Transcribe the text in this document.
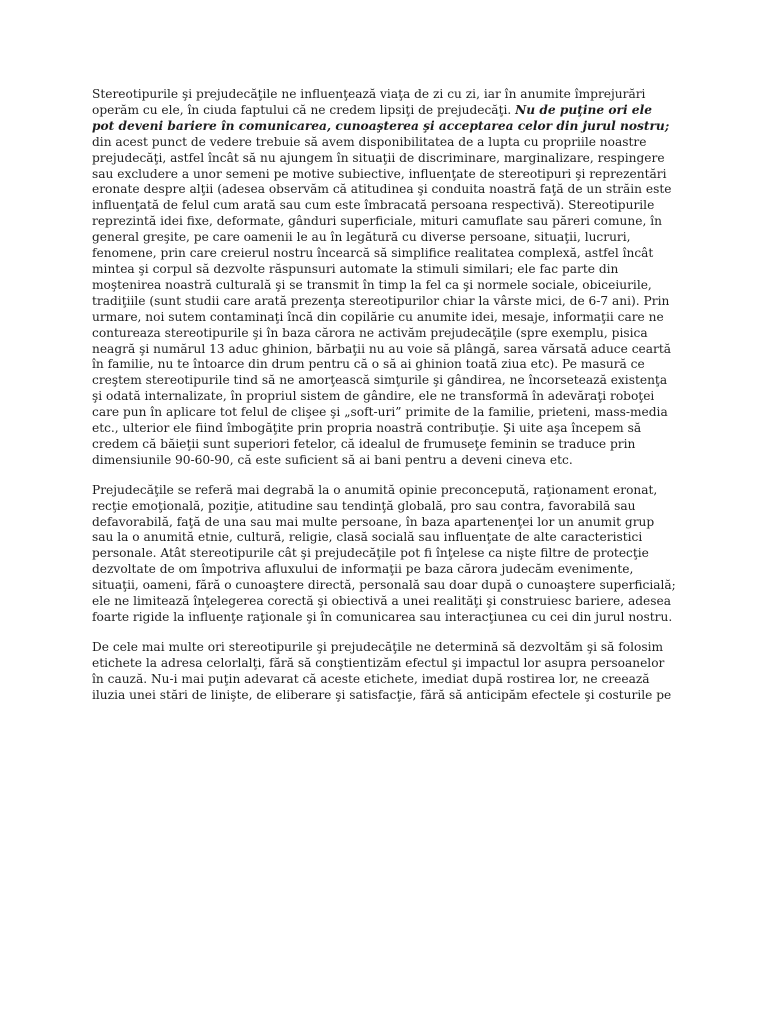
Stereotipurile şi prejudecăţile ne influenţează viaţa de zi cu zi, iar în anumite împrejurări operăm cu ele, în ciuda faptului că ne credem lipsiţi de prejudecăţi. Nu de puţine ori ele pot deveni bariere în comunicarea, cunoaşterea şi acceptarea celor din jurul nostru; din acest punct de vedere trebuie să avem disponibilitatea de a lupta cu propriile noastre prejudecăţi, astfel încât să nu ajungem în situaţii de discriminare, marginalizare, respingere sau excludere a unor semeni pe motive subiective, influenţate de stereotipuri şi reprezentări eronate despre alţii (adesea observăm că atitudinea şi conduita noastră faţă de un străin este influenţată de felul cum arată sau cum este îmbracată persoana respectivă). Stereotipurile reprezintă idei fixe, deformate, gânduri superficiale, mituri camuflate sau păreri comune, în general greşite, pe care oamenii le au în legătură cu diverse persoane, situaţii, lucruri, fenomene, prin care creierul nostru încearcă să simplifice realitatea complexă, astfel încât mintea şi corpul să dezvolte răspunsuri automate la stimuli similari; ele fac parte din moştenirea noastră culturală şi se transmit în timp la fel ca şi normele sociale, obiceiurile, tradiţiile (sunt studii care arată prezenţa stereotipurilor chiar la vârste mici, de 6-7 ani). Prin urmare, noi sutem contaminaţi încă din copilărie cu anumite idei, mesaje, informaţii care ne contureaza stereotipurile şi în baza cărora ne activăm prejudecăţile (spre exemplu, pisica neagră şi numărul 13 aduc ghinion, bărbaţii nu au voie să plângă, sarea vărsată aduce ceartă în familie, nu te întoarce din drum pentru că o să ai ghinion toată ziua etc). Pe masură ce creştem stereotipurile tind să ne amorţească simţurile şi gândirea, ne încorsetează existenţa şi odată internalizate, în propriul sistem de gândire, ele ne transformă în adevăraţi roboţei care pun în aplicare tot felul de clişee şi „soft-uri” primite de la familie, prieteni, mass-media etc., ulterior ele fiind îmbogăţite prin propria noastră contribuţie. Şi uite aşa începem să credem că băieţii sunt superiori fetelor, că idealul de frumuseţe feminin se traduce prin dimensiunile 90-60-90, că este suficient să ai bani pentru a deveni cineva etc.

Prejudecăţile se referă mai degrabă la o anumită opinie preconcepută, raţionament eronat, recţie emoţională, poziţie, atitudine sau tendinţă globală, pro sau contra, favorabilă sau defavorabilă, faţă de una sau mai multe persoane, în baza apartenenţei lor un anumit grup sau la o anumită etnie, cultură, religie, clasă socială sau influenţate de alte caracteristici personale. Atât stereotipurile cât şi prejudecăţile pot fi înţelese ca nişte filtre de protecţie dezvoltate de om împotriva afluxului de informaţii pe baza cărora judecăm evenimente, situaţii, oameni, fără o cunoaştere directă, personală sau doar după o cunoaştere superficială; ele ne limitează înţelegerea corectă şi obiectivă a unei realităţi şi construiesc bariere, adesea foarte rigide la influenţe raţionale şi în comunicarea sau interacţiunea cu cei din jurul nostru.

De cele mai multe ori stereotipurile şi prejudecăţile ne determină să dezvoltăm şi să folosim etichete la adresa celorlalţi, fără să conştientizăm efectul şi impactul lor asupra persoanelor în cauză. Nu-i mai puţin adevarat că aceste etichete, imediat după rostirea lor, ne creează iluzia unei stări de linişte, de eliberare şi satisfacţie, fără să anticipăm efectele şi costurile pe
